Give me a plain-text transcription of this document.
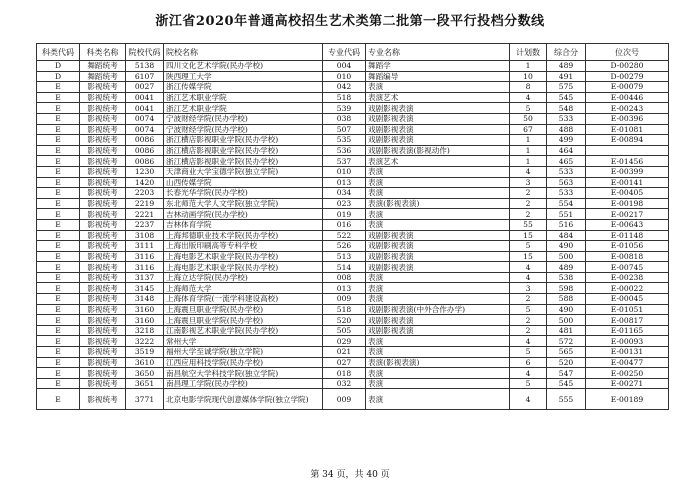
浙江省2020年普通高校招生艺术类第二批第一段平行投档分数线
科类代码	科类名称	院校代码	院校名称	专业代码	专业名称	计划数	综合分	位次号
D	舞蹈统考	5138	四川文化艺术学院(民办学校)	004	舞蹈学	1	489	D-00280
D	舞蹈统考	6107	陕西理工大学	010	舞蹈编导	10	491	D-00279
E	影视统考	0027	浙江传媒学院	042	表演	8	575	E-00079
E	影视统考	0041	浙江艺术职业学院	518	表演艺术	4	545	E-00446
E	影视统考	0041	浙江艺术职业学院	539	戏剧影视表演	5	548	E-00243
E	影视统考	0074	宁波财经学院(民办学校)	038	戏剧影视表演	50	533	E-00396
E	影视统考	0074	宁波财经学院(民办学校)	507	戏剧影视表演	67	488	E-01081
E	影视统考	0086	浙江横店影视职业学院(民办学校)	535	戏剧影视表演	1	499	E-00894
E	影视统考	0086	浙江横店影视职业学院(民办学校)	536	戏剧影视表演(影视动作)	1	464	
E	影视统考	0086	浙江横店影视职业学院(民办学校)	537	表演艺术	1	465	E-01456
E	影视统考	1230	天津商业大学宝德学院(独立学院)	010	表演	4	533	E-00399
E	影视统考	1420	山西传媒学院	013	表演	3	563	E-00141
E	影视统考	2203	长春光华学院(民办学校)	034	表演	2	533	E-00405
E	影视统考	2219	东北师范大学人文学院(独立学院)	023	表演(影视表演)	2	554	E-00198
E	影视统考	2221	吉林动画学院(民办学校)	019	表演	2	551	E-00217
E	影视统考	2237	吉林体育学院	016	表演	55	516	E-00643
E	影视统考	3108	上海邦德职业技术学院(民办学校)	522	戏剧影视表演	15	484	E-01148
E	影视统考	3111	上海出版印刷高等专科学校	526	戏剧影视表演	5	490	E-01056
E	影视统考	3116	上海电影艺术职业学院(民办学校)	513	戏剧影视表演	15	500	E-00818
E	影视统考	3116	上海电影艺术职业学院(民办学校)	514	戏剧影视表演	4	489	E-00745
E	影视统考	3137	上海立达学院(民办学校)	008	表演	4	538	E-00238
E	影视统考	3145	上海师范大学	013	表演	3	598	E-00022
E	影视统考	3148	上海体育学院(一流学科建设高校)	009	表演	2	588	E-00045
E	影视统考	3160	上海震旦职业学院(民办学校)	518	戏剧影视表演(中外合作办学)	5	490	E-01051
E	影视统考	3160	上海震旦职业学院(民办学校)	520	戏剧影视表演	2	500	E-00817
E	影视统考	3218	江南影视艺术职业学院(民办学校)	505	戏剧影视表演	2	481	E-01165
E	影视统考	3222	常州大学	029	表演	4	572	E-00093
E	影视统考	3519	福州大学至诚学院(独立学院)	021	表演	5	565	E-00131
E	影视统考	3610	江西应用科技学院(民办学校)	027	表演(影视表演)	6	520	E-00477
E	影视统考	3650	南昌航空大学科技学院(独立学院)	018	表演	4	547	E-00250
E	影视统考	3651	南昌理工学院(民办学校)	032	表演	5	545	E-00271
E	影视统考	3771	北京电影学院现代创意媒体学院(独立学院)	009	表演	4	555	E-00189
第 34 页，共 40 页
